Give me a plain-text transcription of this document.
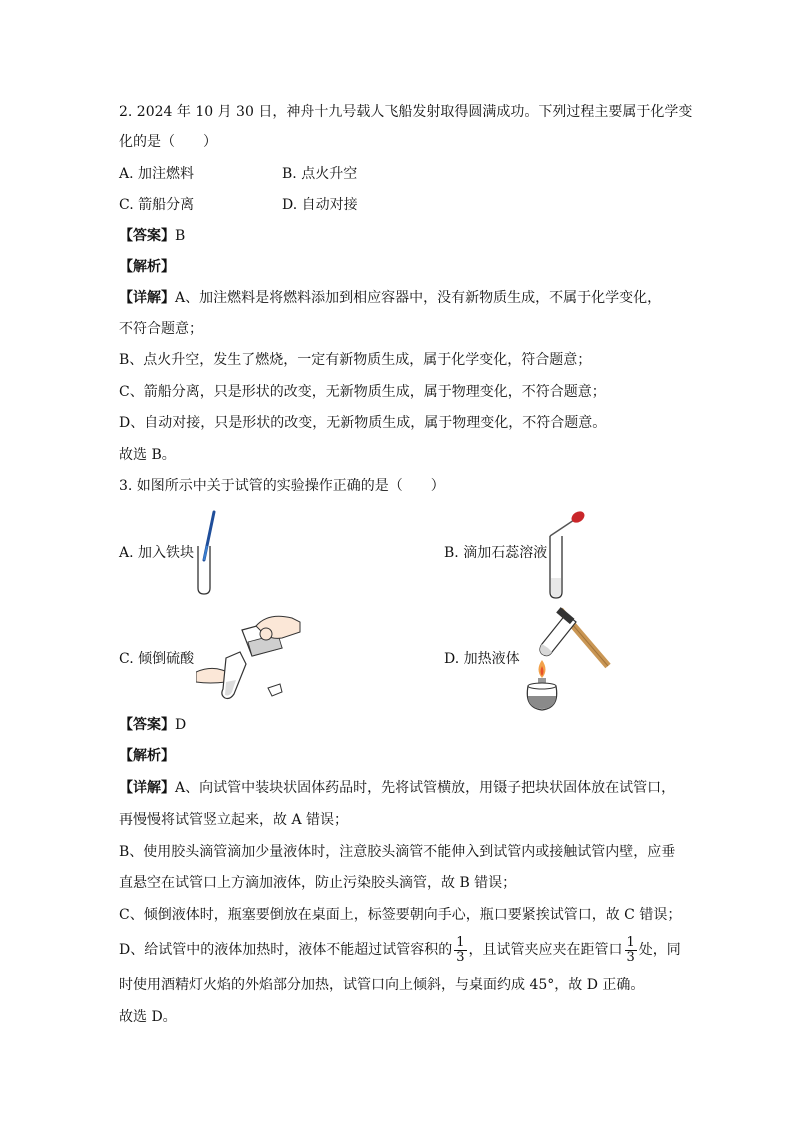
2. 2024 年 10 月 30 日，神舟十九号载人飞船发射取得圆满成功。下列过程主要属于化学变
化的是（　　）
A. 加注燃料	B. 点火升空
C. 箭船分离	D. 自动对接
【答案】B
【解析】
【详解】A、加注燃料是将燃料添加到相应容器中，没有新物质生成，不属于化学变化，
不符合题意；
B、点火升空，发生了燃烧，一定有新物质生成，属于化学变化，符合题意；
C、箭船分离，只是形状的改变，无新物质生成，属于物理变化，不符合题意；
D、自动对接，只是形状的改变，无新物质生成，属于物理变化，不符合题意。
故选 B。
3. 如图所示中关于试管的实验操作正确的是（　　）
A. 加入铁块	B. 滴加石蕊溶液
C. 倾倒硫酸	D. 加热液体
【答案】D
【解析】
【详解】A、向试管中装块状固体药品时，先将试管横放，用镊子把块状固体放在试管口，
再慢慢将试管竖立起来，故 A 错误；
B、使用胶头滴管滴加少量液体时，注意胶头滴管不能伸入到试管内或接触试管内壁，应垂
直悬空在试管口上方滴加液体，防止污染胶头滴管，故 B 错误；
C、倾倒液体时，瓶塞要倒放在桌面上，标签要朝向手心，瓶口要紧挨试管口，故 C 错误；
D、给试管中的液体加热时，液体不能超过试管容积的 $\frac{1}{3}$ ，且试管夹应夹在距管口 $\frac{1}{3}$ 处，同
时使用酒精灯火焰的外焰部分加热，试管口向上倾斜，与桌面约成 45°，故 D 正确。
故选 D。
